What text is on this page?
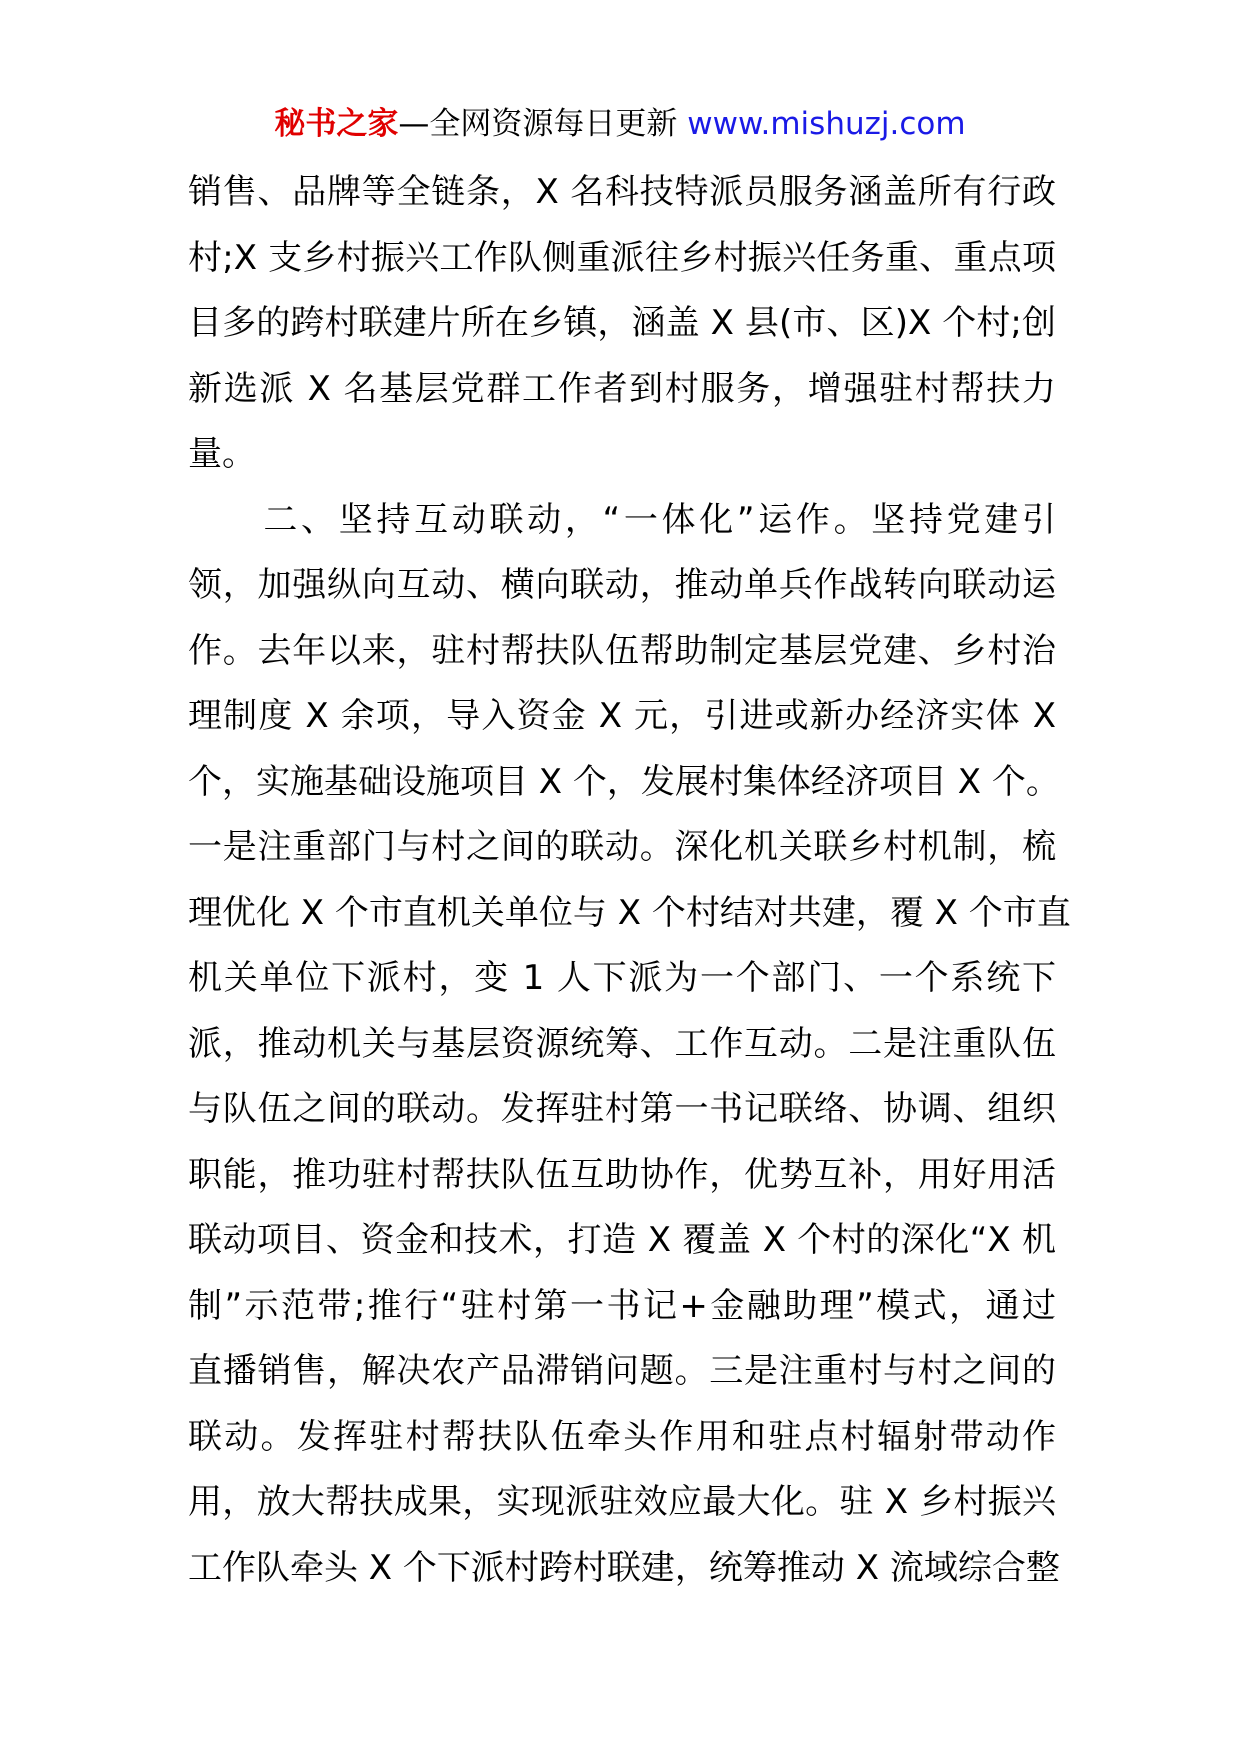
秘书之家—全网资源每日更新 www.mishuzj.com
销售、品牌等全链条，X 名科技特派员服务涵盖所有行政
村;X 支乡村振兴工作队侧重派往乡村振兴任务重、重点项
目多的跨村联建片所在乡镇，涵盖 X 县(市、区)X 个村;创
新选派 X 名基层党群工作者到村服务，增强驻村帮扶力
量。
　　二、坚持互动联动，“一体化”运作。坚持党建引
领，加强纵向互动、横向联动，推动单兵作战转向联动运
作。去年以来，驻村帮扶队伍帮助制定基层党建、乡村治
理制度 X 余项，导入资金 X 元，引进或新办经济实体 X
个，实施基础设施项目 X 个，发展村集体经济项目 X 个。
一是注重部门与村之间的联动。深化机关联乡村机制，梳
理优化 X 个市直机关单位与 X 个村结对共建，覆 X 个市直
机关单位下派村，变 1 人下派为一个部门、一个系统下
派，推动机关与基层资源统筹、工作互动。二是注重队伍
与队伍之间的联动。发挥驻村第一书记联络、协调、组织
职能，推功驻村帮扶队伍互助协作，优势互补，用好用活
联动项目、资金和技术，打造 X 覆盖 X 个村的深化“X 机
制”示范带;推行“驻村第一书记+金融助理”模式，通过
直播销售，解决农产品滞销问题。三是注重村与村之间的
联动。发挥驻村帮扶队伍牵头作用和驻点村辐射带动作
用，放大帮扶成果，实现派驻效应最大化。驻 X 乡村振兴
工作队牵头 X 个下派村跨村联建，统筹推动 X 流域综合整
